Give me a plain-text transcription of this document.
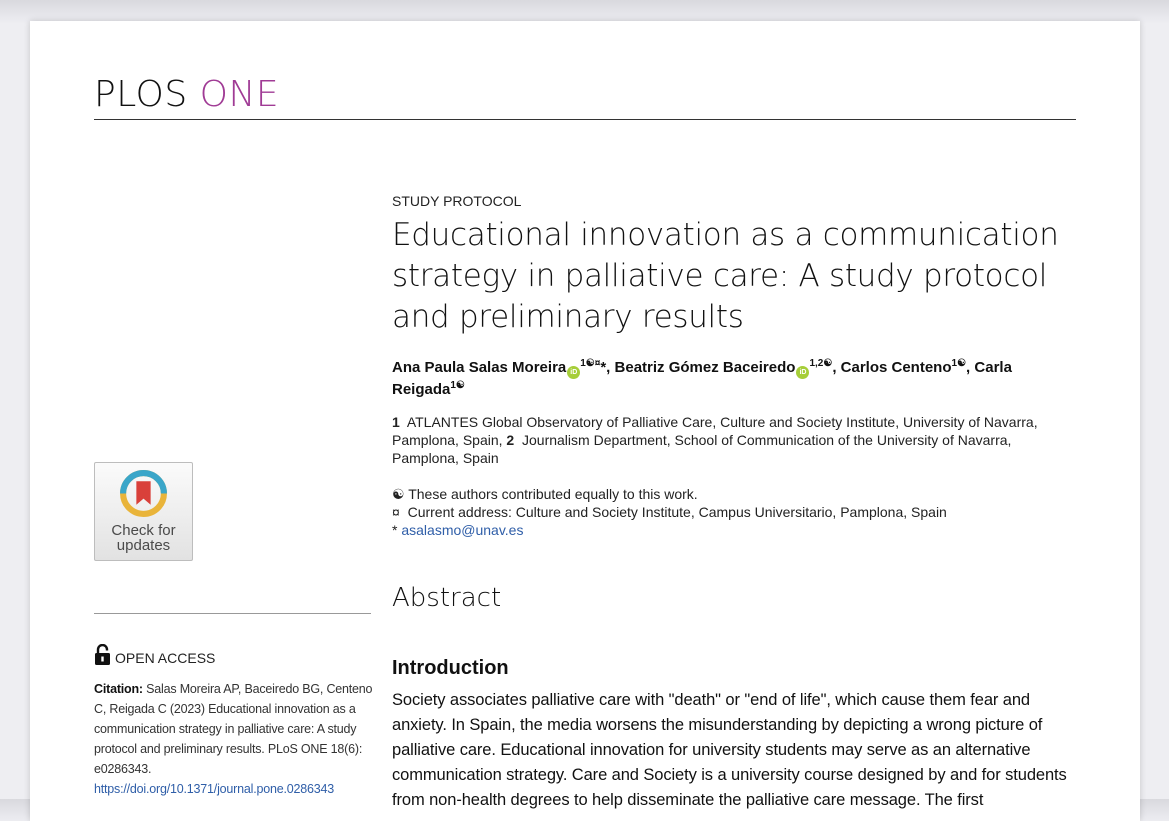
PLOS ONE
Check for
updates
OPEN ACCESS
Citation: Salas Moreira AP, Baceiredo BG, Centeno C, Reigada C (2023) Educational innovation as a communication strategy in palliative care: A study protocol and preliminary results. PLoS ONE 18(6): e0286343. https://doi.org/10.1371/journal.pone.0286343
STUDY PROTOCOL
Educational innovation as a communication strategy in palliative care: A study protocol and preliminary results
Ana Paula Salas Moreira $iD^{1☯¤}*$, Beatriz Gómez Baceiredo $iD^{1,2☯}$, Carlos Centeno$^{1☯}$, Carla Reigada$^{1☯}$
1 ATLANTES Global Observatory of Palliative Care, Culture and Society Institute, University of Navarra, Pamplona, Spain, 2 Journalism Department, School of Communication of the University of Navarra, Pamplona, Spain
☯ These authors contributed equally to this work.
¤ Current address: Culture and Society Institute, Campus Universitario, Pamplona, Spain
* asalasmo@unav.es
Abstract
Introduction

Society associates palliative care with "death" or "end of life", which cause them fear and anxiety. In Spain, the media worsens the misunderstanding by depicting a wrong picture of palliative care. Educational innovation for university students may serve as an alternative communication strategy. Care and Society is a university course designed by and for students from non-health degrees to help disseminate the palliative care message. The first
